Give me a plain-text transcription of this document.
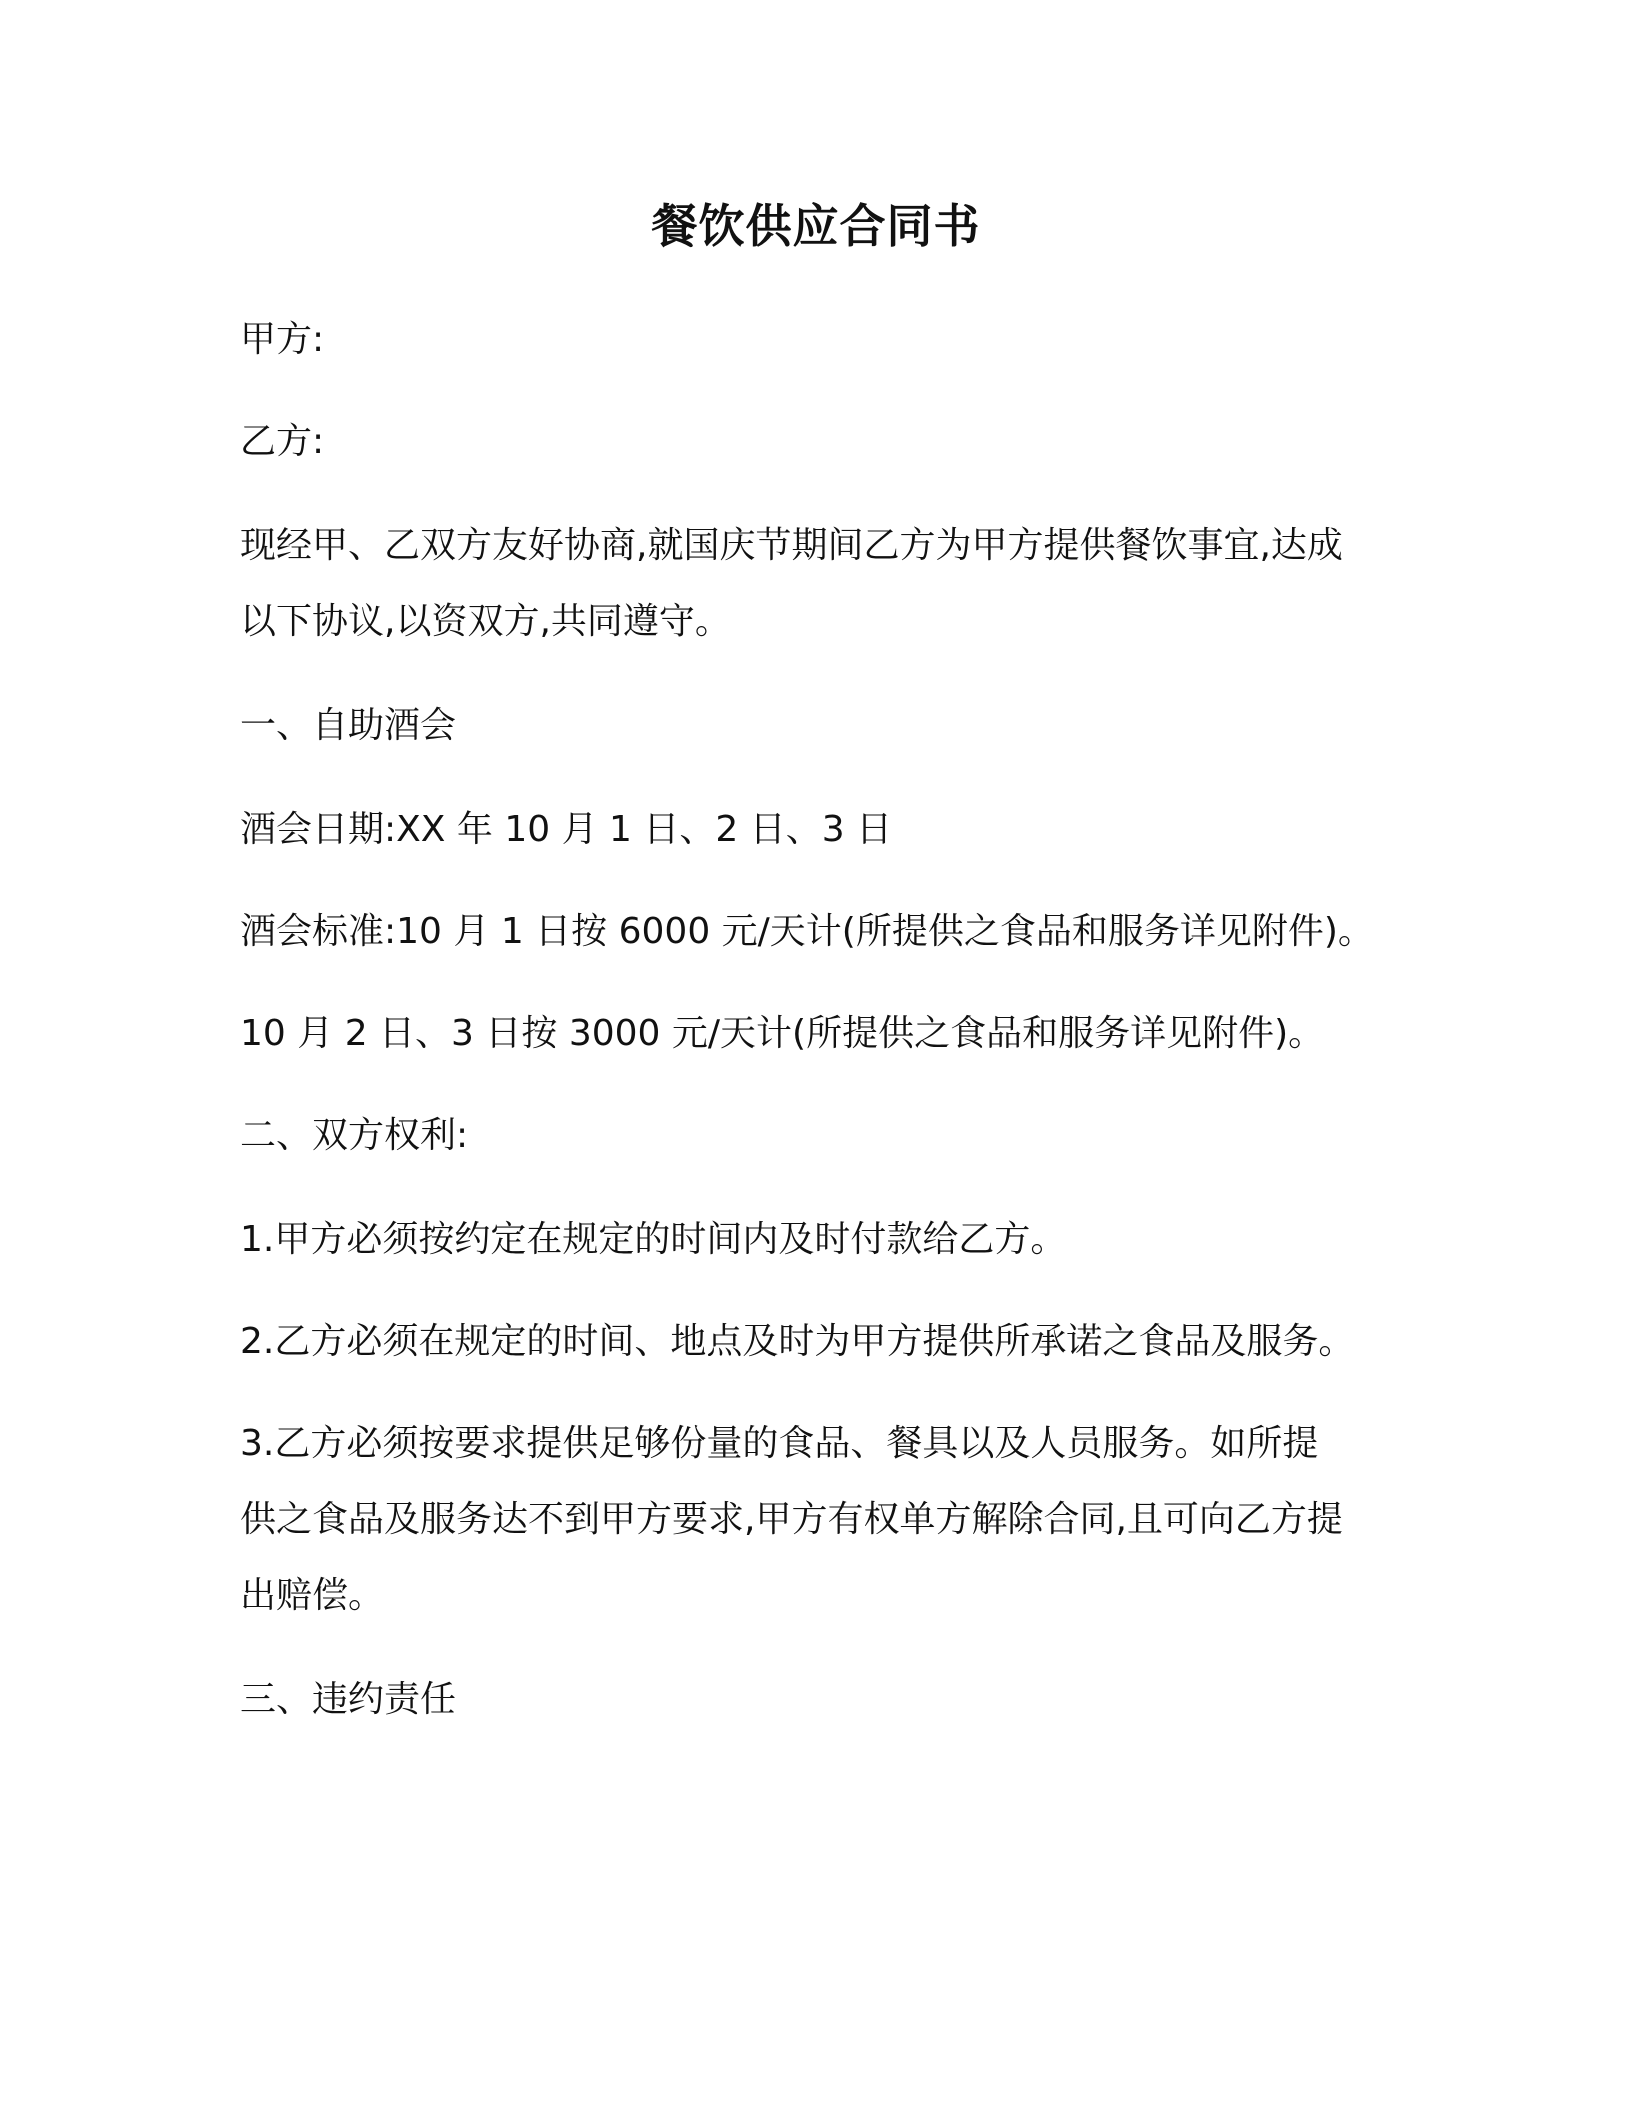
餐饮供应合同书

甲方:

乙方:

现经甲、乙双方友好协商,就国庆节期间乙方为甲方提供餐饮事宜,达成
以下协议,以资双方,共同遵守。

一、自助酒会

酒会日期:XX 年 10 月 1 日、2 日、3 日

酒会标准:10 月 1 日按 6000 元/天计(所提供之食品和服务详见附件)。

10 月 2 日、3 日按 3000 元/天计(所提供之食品和服务详见附件)。

二、双方权利:

1.甲方必须按约定在规定的时间内及时付款给乙方。

2.乙方必须在规定的时间、地点及时为甲方提供所承诺之食品及服务。

3.乙方必须按要求提供足够份量的食品、餐具以及人员服务。如所提
供之食品及服务达不到甲方要求,甲方有权单方解除合同,且可向乙方提
出赔偿。

三、违约责任
